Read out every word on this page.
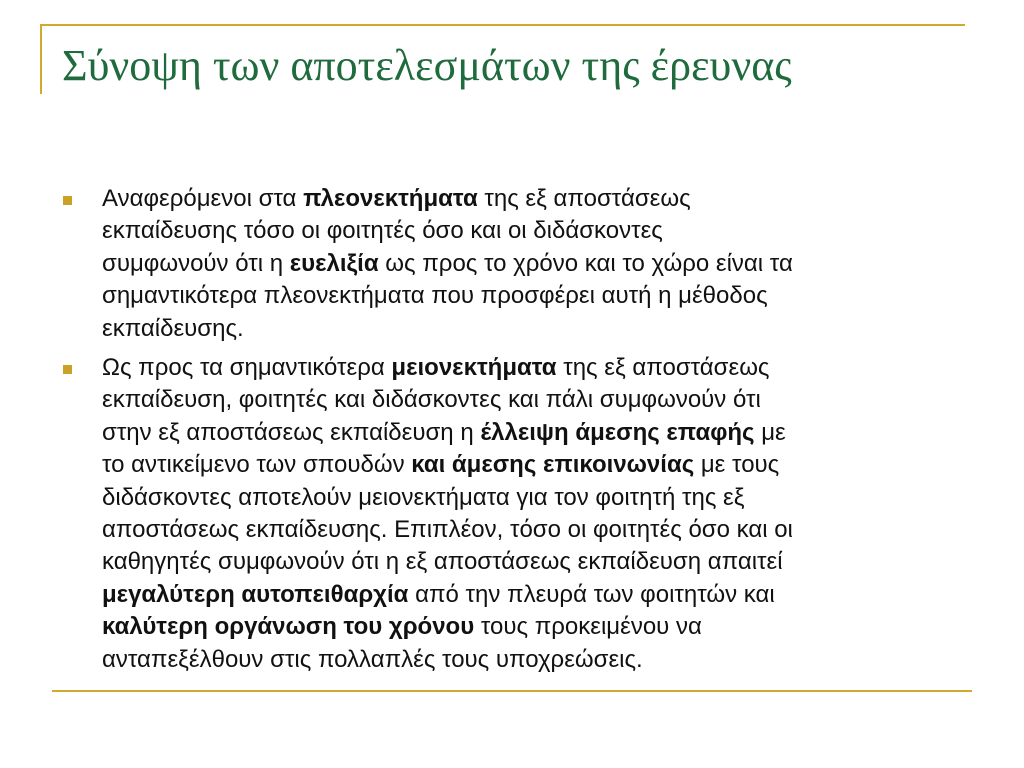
Σύνοψη των αποτελεσμάτων της έρευνας
Αναφερόμενοι στα πλεονεκτήματα της εξ αποστάσεως
εκπαίδευσης τόσο οι φοιτητές όσο και οι διδάσκοντες
συμφωνούν ότι η ευελιξία ως προς το χρόνο και το χώρο είναι τα
σημαντικότερα πλεονεκτήματα που προσφέρει αυτή η μέθοδος
εκπαίδευσης.
Ως προς τα σημαντικότερα μειονεκτήματα της εξ αποστάσεως
εκπαίδευση, φοιτητές και διδάσκοντες και πάλι συμφωνούν ότι
στην εξ αποστάσεως εκπαίδευση η έλλειψη άμεσης επαφής με
το αντικείμενο των σπουδών και άμεσης επικοινωνίας με τους
διδάσκοντες αποτελούν μειονεκτήματα για τον φοιτητή της εξ
αποστάσεως εκπαίδευσης. Επιπλέον, τόσο οι φοιτητές όσο και οι
καθηγητές συμφωνούν ότι η εξ αποστάσεως εκπαίδευση απαιτεί
μεγαλύτερη αυτοπειθαρχία από την πλευρά των φοιτητών και
καλύτερη οργάνωση του χρόνου τους προκειμένου να
ανταπεξέλθουν στις πολλαπλές τους υποχρεώσεις.
